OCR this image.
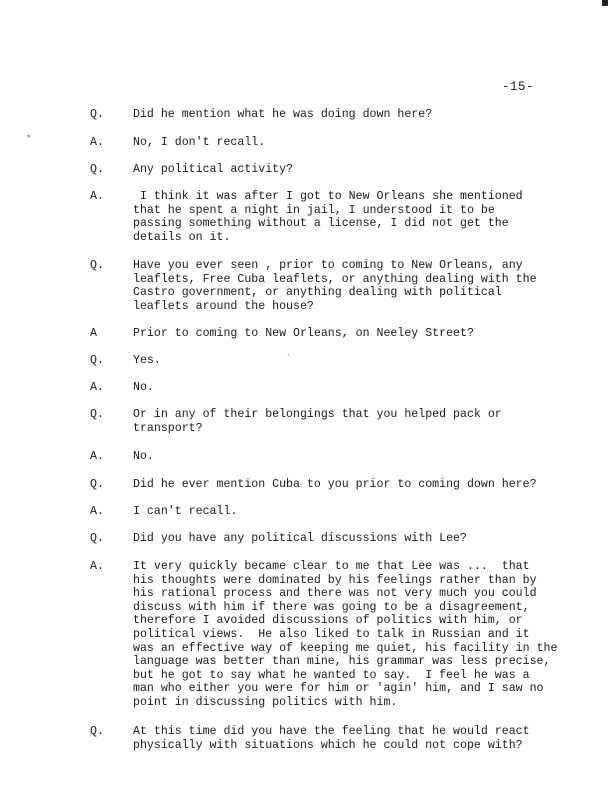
*
`
-15-
Q.	Did he mention what he was doing down here?
A.	No, I don't recall.
Q.	Any political activity?
A.	I think it was after I got to New Orleans she mentioned
that he spent a night in jail, I understood it to be
passing something without a license, I did not get the
details on it.
Q.	Have you ever seen , prior to coming to New Orleans, any
leaflets, Free Cuba leaflets, or anything dealing with the
Castro government, or anything dealing with political
leaflets around the house?
A	Prior to coming to New Orleans, on Neeley Street?
Q.	Yes.
A.	No.
Q.	Or in any of their belongings that you helped pack or
transport?
A.	No.
Q.	Did he ever mention Cuba to you prior to coming down here?
A.	I can't recall.
Q.	Did you have any political discussions with Lee?
A.	It very quickly became clear to me that Lee was ...  that
his thoughts were dominated by his feelings rather than by
his rational process and there was not very much you could
discuss with him if there was going to be a disagreement,
therefore I avoided discussions of politics with him, or
political views.  He also liked to talk in Russian and it
was an effective way of keeping me quiet, his facility in the
language was better than mine, his grammar was less precise,
but he got to say what he wanted to say.  I feel he was a
man who either you were for him or 'agin' him, and I saw no
point in discussing politics with him.
Q.	At this time did you have the feeling that he would react
physically with situations which he could not cope with?
